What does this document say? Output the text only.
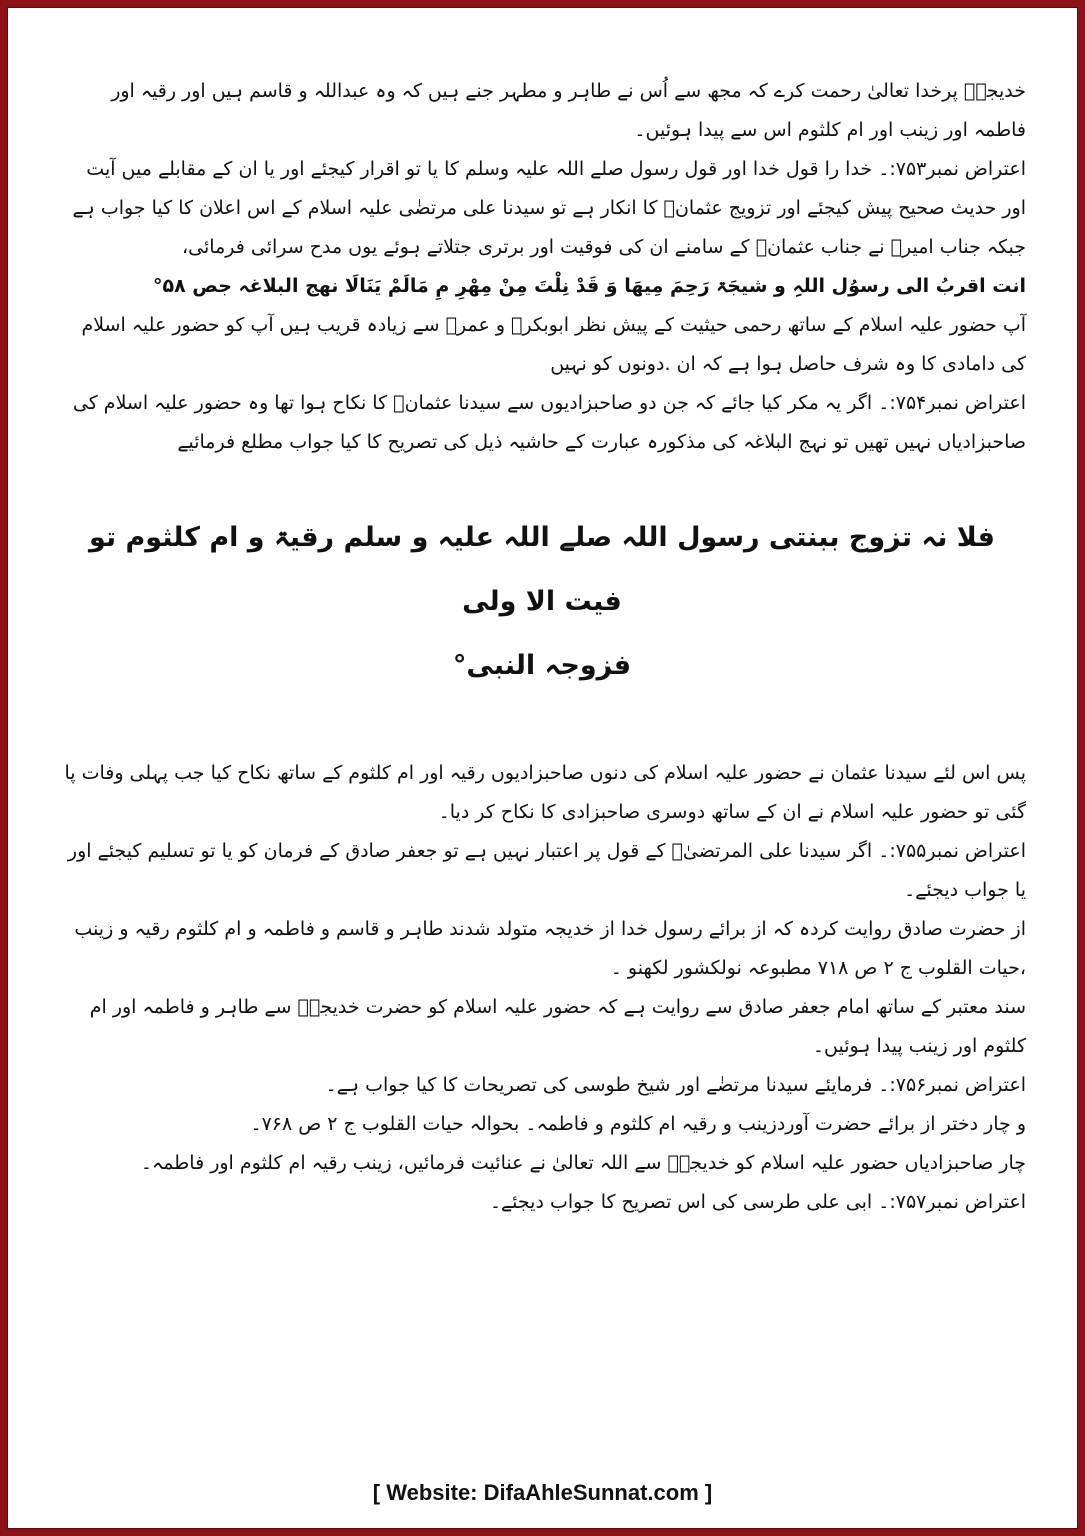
خدیجہؓ پرخدا تعالیٰ رحمت کرے کہ مجھ سے اُس نے طاہر و مطہر جنے ہیں کہ وہ عبداللہ و قاسم ہیں اور رقیہ اور فاطمہ اور زینب اور ام کلثوم اس سے پیدا ہوئیں۔

اعتراض نمبر۷۵۳:۔ خدا را قول خدا اور قول رسول صلے اللہ علیہ وسلم کا یا تو اقرار کیجئے اور یا ان کے مقابلے میں آیت اور حدیث صحیح پیش کیجئے اور تزویج عثمانؓ کا انکار ہے تو سیدنا علی مرتضٰی علیہ اسلام کے اس اعلان کا کیا جواب ہے جبکہ جناب امیرؓ نے جناب عثمانؓ کے سامنے ان کی فوقیت اور برتری جتلاتے ہوئے یوں مدح سرائی فرمائی،

انت اقربُ الی رسوُل اللہِ و شیجَۃ رَحِمَ مِیھَا وَ قَدْ نِلْتَ مِنْ مِھْرِ مِ مَالَمْ یَنَالَا نھج البلاغہ جص ۵۸°

آپ حضور علیہ اسلام کے ساتھ رحمی حیثیت کے پیش نظر ابوبکرؓ و عمرؓ سے زیادہ قریب ہیں آپ کو حضور علیہ اسلام کی دامادی کا وہ شرف حاصل ہوا ہے کہ ان .دونوں کو نہیں

اعتراض نمبر۷۵۴:۔ اگر یہ مکر کیا جائے کہ جن دو صاحبزادیوں سے سیدنا عثمانؓ کا نکاح ہوا تھا وہ حضور علیہ اسلام کی صاحبزادیاں نہیں تھیں تو نہج البلاغہ کی مذکورہ عبارت کے حاشیہ ذیل کی تصریح کا کیا جواب مطلع فرمائیے

فلا نہ تزوج ببنتی رسول اللہ صلے اللہ علیہ و سلم رقیۃ و ام کلثوم تو فیت الا ولی
فزوجہ النبی°

پس اس لئے سیدنا عثمان نے حضور علیہ اسلام کی دنوں صاحبزادیوں رقیہ اور ام کلثوم کے ساتھ نکاح کیا جب پہلی وفات پا گئی تو حضور علیہ اسلام نے ان کے ساتھ دوسری صاحبزادی کا نکاح کر دیا۔

اعتراض نمبر۷۵۵:۔ اگر سیدنا علی المرتضیٰؓ کے قول پر اعتبار نہیں ہے تو جعفر صادق کے فرمان کو یا تو تسلیم کیجئے اور یا جواب دیجئے۔

از حضرت صادق روایت کردہ کہ از برائے رسول خدا از خدیجہ متولد شدند طاہر و قاسم و فاطمہ و ام کلثوم رقیہ و زینب ،حیات القلوب ج ۲ ص ۷۱۸ مطبوعہ نولکشور لکھنو ۔

سند معتبر کے ساتھ امام جعفر صادق سے روایت ہے کہ حضور علیہ اسلام کو حضرت خدیجہؓ سے طاہر و فاطمہ اور ام کلثوم اور زینب پیدا ہوئیں۔

اعتراض نمبر۷۵۶:۔ فرمایئے سیدنا مرتضٰے اور شیخ طوسی کی تصریحات کا کیا جواب ہے۔

و چار دختر از برائے حضرت آوردزینب و رقیہ ام کلثوم و فاطمہ۔ بحوالہ حیات القلوب ج ۲ ص ۷۶۸۔

چار صاحبزادیاں حضور علیہ اسلام کو خدیجہؓ سے اللہ تعالیٰ نے عنائیت فرمائیں، زینب رقیہ ام کلثوم اور فاطمہ۔

اعتراض نمبر۷۵۷:۔ ابی علی طرسی کی اس تصریح کا جواب دیجئے۔

[ Website: DifaAhleSunnat.com ]
